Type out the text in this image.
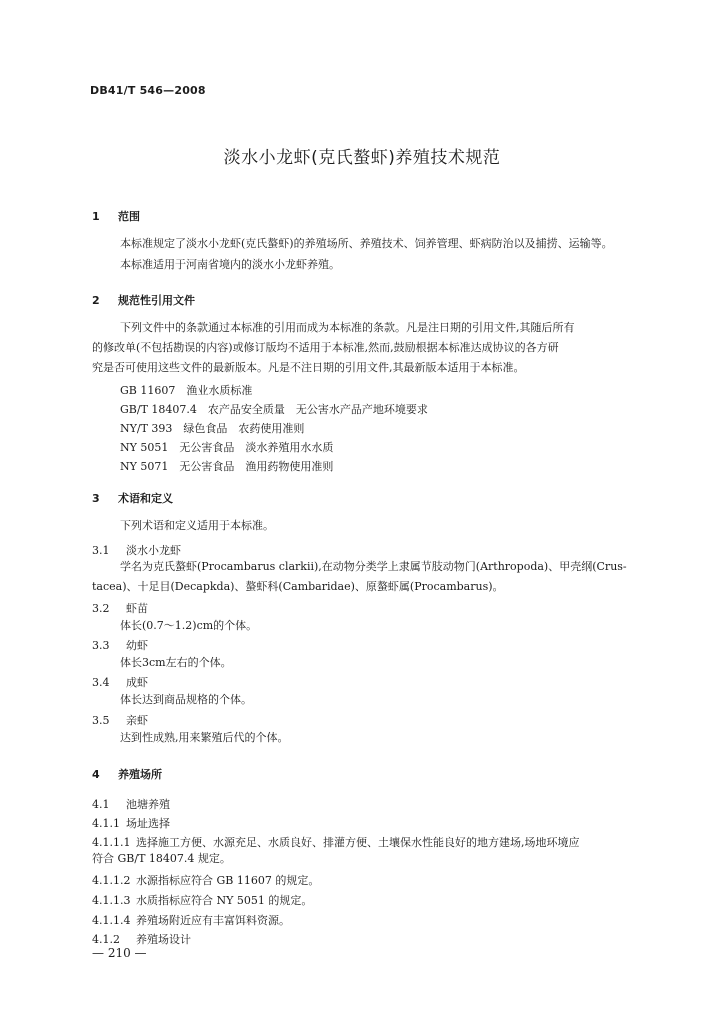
DB41/T 546—2008
淡水小龙虾(克氏螯虾)养殖技术规范
1 范围
本标准规定了淡水小龙虾(克氏螯虾)的养殖场所、养殖技术、饲养管理、虾病防治以及捕捞、运输等。
本标准适用于河南省境内的淡水小龙虾养殖。
2 规范性引用文件
下列文件中的条款通过本标准的引用而成为本标准的条款。凡是注日期的引用文件,其随后所有
的修改单(不包括勘误的内容)或修订版均不适用于本标准,然而,鼓励根据本标准达成协议的各方研
究是否可使用这些文件的最新版本。凡是不注日期的引用文件,其最新版本适用于本标准。
GB 11607　渔业水质标准
GB/T 18407.4　农产品安全质量　无公害水产品产地环境要求
NY/T 393　绿色食品　农药使用准则
NY 5051　无公害食品　淡水养殖用水水质
NY 5071　无公害食品　渔用药物使用准则
3 术语和定义
下列术语和定义适用于本标准。
3.1 淡水小龙虾
学名为克氏螯虾(Procambarus clarkii),在动物分类学上隶属节肢动物门(Arthropoda)、甲壳纲(Crus-
tacea)、十足目(Decapkda)、螯虾科(Cambaridae)、原螯虾属(Procambarus)。
3.2 虾苗
体长(0.7～1.2)cm的个体。
3.3 幼虾
体长3cm左右的个体。
3.4 成虾
体长达到商品规格的个体。
3.5 亲虾
达到性成熟,用来繁殖后代的个体。
4 养殖场所
4.1 池塘养殖
4.1.1 场址选择
4.1.1.1 选择施工方便、水源充足、水质良好、排灌方便、土壤保水性能良好的地方建场,场地环境应
符合 GB/T 18407.4 规定。
4.1.1.2 水源指标应符合 GB 11607 的规定。
4.1.1.3 水质指标应符合 NY 5051 的规定。
4.1.1.4 养殖场附近应有丰富饵料资源。
4.1.2 养殖场设计
— 210 —
